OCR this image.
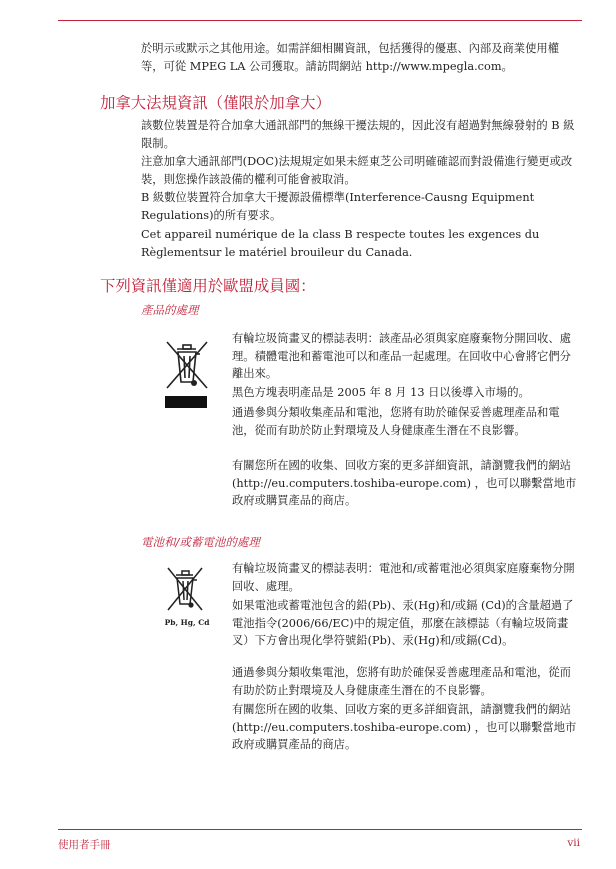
於明示或默示之其他用途。如需詳細相關資訊，包括獲得的優惠、內部及商業使用權等，可從 MPEG LA 公司獲取。請訪問網站 http://www.mpegla.com。

加拿大法規資訊（僅限於加拿大）

該數位裝置是符合加拿大通訊部門的無線干擾法規的，因此沒有超過對無線發射的 B 級限制。

注意加拿大通訊部門(DOC)法規規定如果未經東芝公司明確確認而對設備進行變更或改裝，則您操作該設備的權利可能會被取消。

B 級數位裝置符合加拿大干擾源設備標準(Interference-Causng Equipment Regulations)的所有要求。

Cet appareil numérique de la class B respecte toutes les exgences du Règlementsur le matériel brouileur du Canada.

下列資訊僅適用於歐盟成員國：
產品的處理

有輪垃圾筒畫叉的標誌表明：該產品必須與家庭廢棄物分開回收、處理。積體電池和蓄電池可以和產品一起處理。在回收中心會將它們分離出來。

黑色方塊表明產品是 2005 年 8 月 13 日以後導入市場的。

通過參與分類收集產品和電池，您將有助於確保妥善處理產品和電池，從而有助於防止對環境及人身健康產生潛在不良影響。

有關您所在國的收集、回收方案的更多詳細資訊，請瀏覽我們的網站(http://eu.computers.toshiba-europe.com) ，也可以聯繫當地市政府或購買產品的商店。

電池和/或蓄電池的處理
Pb, Hg, Cd

有輪垃圾筒畫叉的標誌表明：電池和/或蓄電池必須與家庭廢棄物分開回收、處理。

如果電池或蓄電池包含的鉛(Pb)、汞(Hg)和/或鎘 (Cd)的含量超過了電池指令(2006/66/EC)中的規定值，那麼在該標誌（有輪垃圾筒畫叉）下方會出現化學符號鉛(Pb)、汞(Hg)和/或鎘(Cd)。

通過參與分類收集電池，您將有助於確保妥善處理產品和電池，從而有助於防止對環境及人身健康產生潛在的不良影響。

有關您所在國的收集、回收方案的更多詳細資訊，請瀏覽我們的網站(http://eu.computers.toshiba-europe.com) ，也可以聯繫當地市政府或購買產品的商店。

使用者手冊	vii
